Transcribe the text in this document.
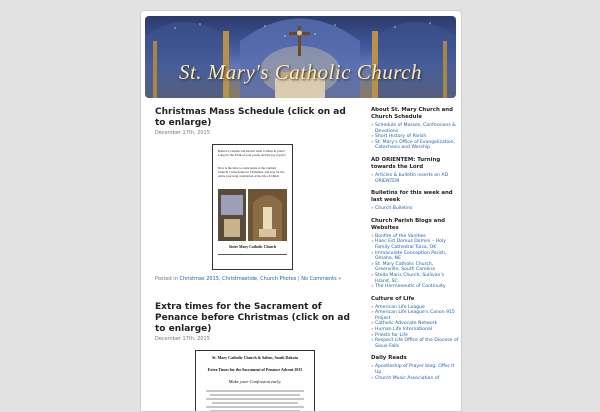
St. Mary's Catholic Church
Christmas Mass Schedule (click on ad to enlarge)
December 17th, 2015
Raised a Catholic but haven't been to Mass in years? Long for the Faith of your youth, and the joy it gave?
Now is the time to come home to the Catholic Church! Come home for Christmas, and stay for the entire year-long celebration of the life of Christ!
Sister Mary Catholic Church
Posted in Christmas 2015, Christmastide, Church Photos | No Comments »
Extra times for the Sacrament of Penance before Christmas (click on ad to enlarge)
December 17th, 2015
St. Mary Catholic Church & Salem, South Dakota
Extra Times for the Sacrament of Penance Advent 2015
Make your Confession early.
About St. Mary Church and Church Schedule
» Schedule of Masses, Confessions & Devotions
» Short History of Parish
» St. Mary's Office of Evangelization, Catechesis and Worship
AD ORIENTEM: Turning towards the Lord
» Articles & bulletin inserts on AD ORIENTEM
Bulletins for this week and last week
» Church Bulletins
Church Parish Blogs and Websites
» Bonfire of the Vanities
» Haec Est Domus Domini – Holy Family Cathedral Tulsa, OK
» Immaculate Conception Parish, Omaha, NE
» St. Mary Catholic Church, Greenville, South Carolina
» Stella Maris Church, Sullivan's Island, SC
» The Hermeneutic of Continuity
Culture of Life
» American Life League
» American Life League's Canon 915 Project
» Catholic Advocate Network
» Human Life International
» Priests for Life
» Respect Life Office of the Diocese of Sioux Falls
Daily Reads
» Apostleship of Prayer blog: Offer It Up
» Church Music Association of
